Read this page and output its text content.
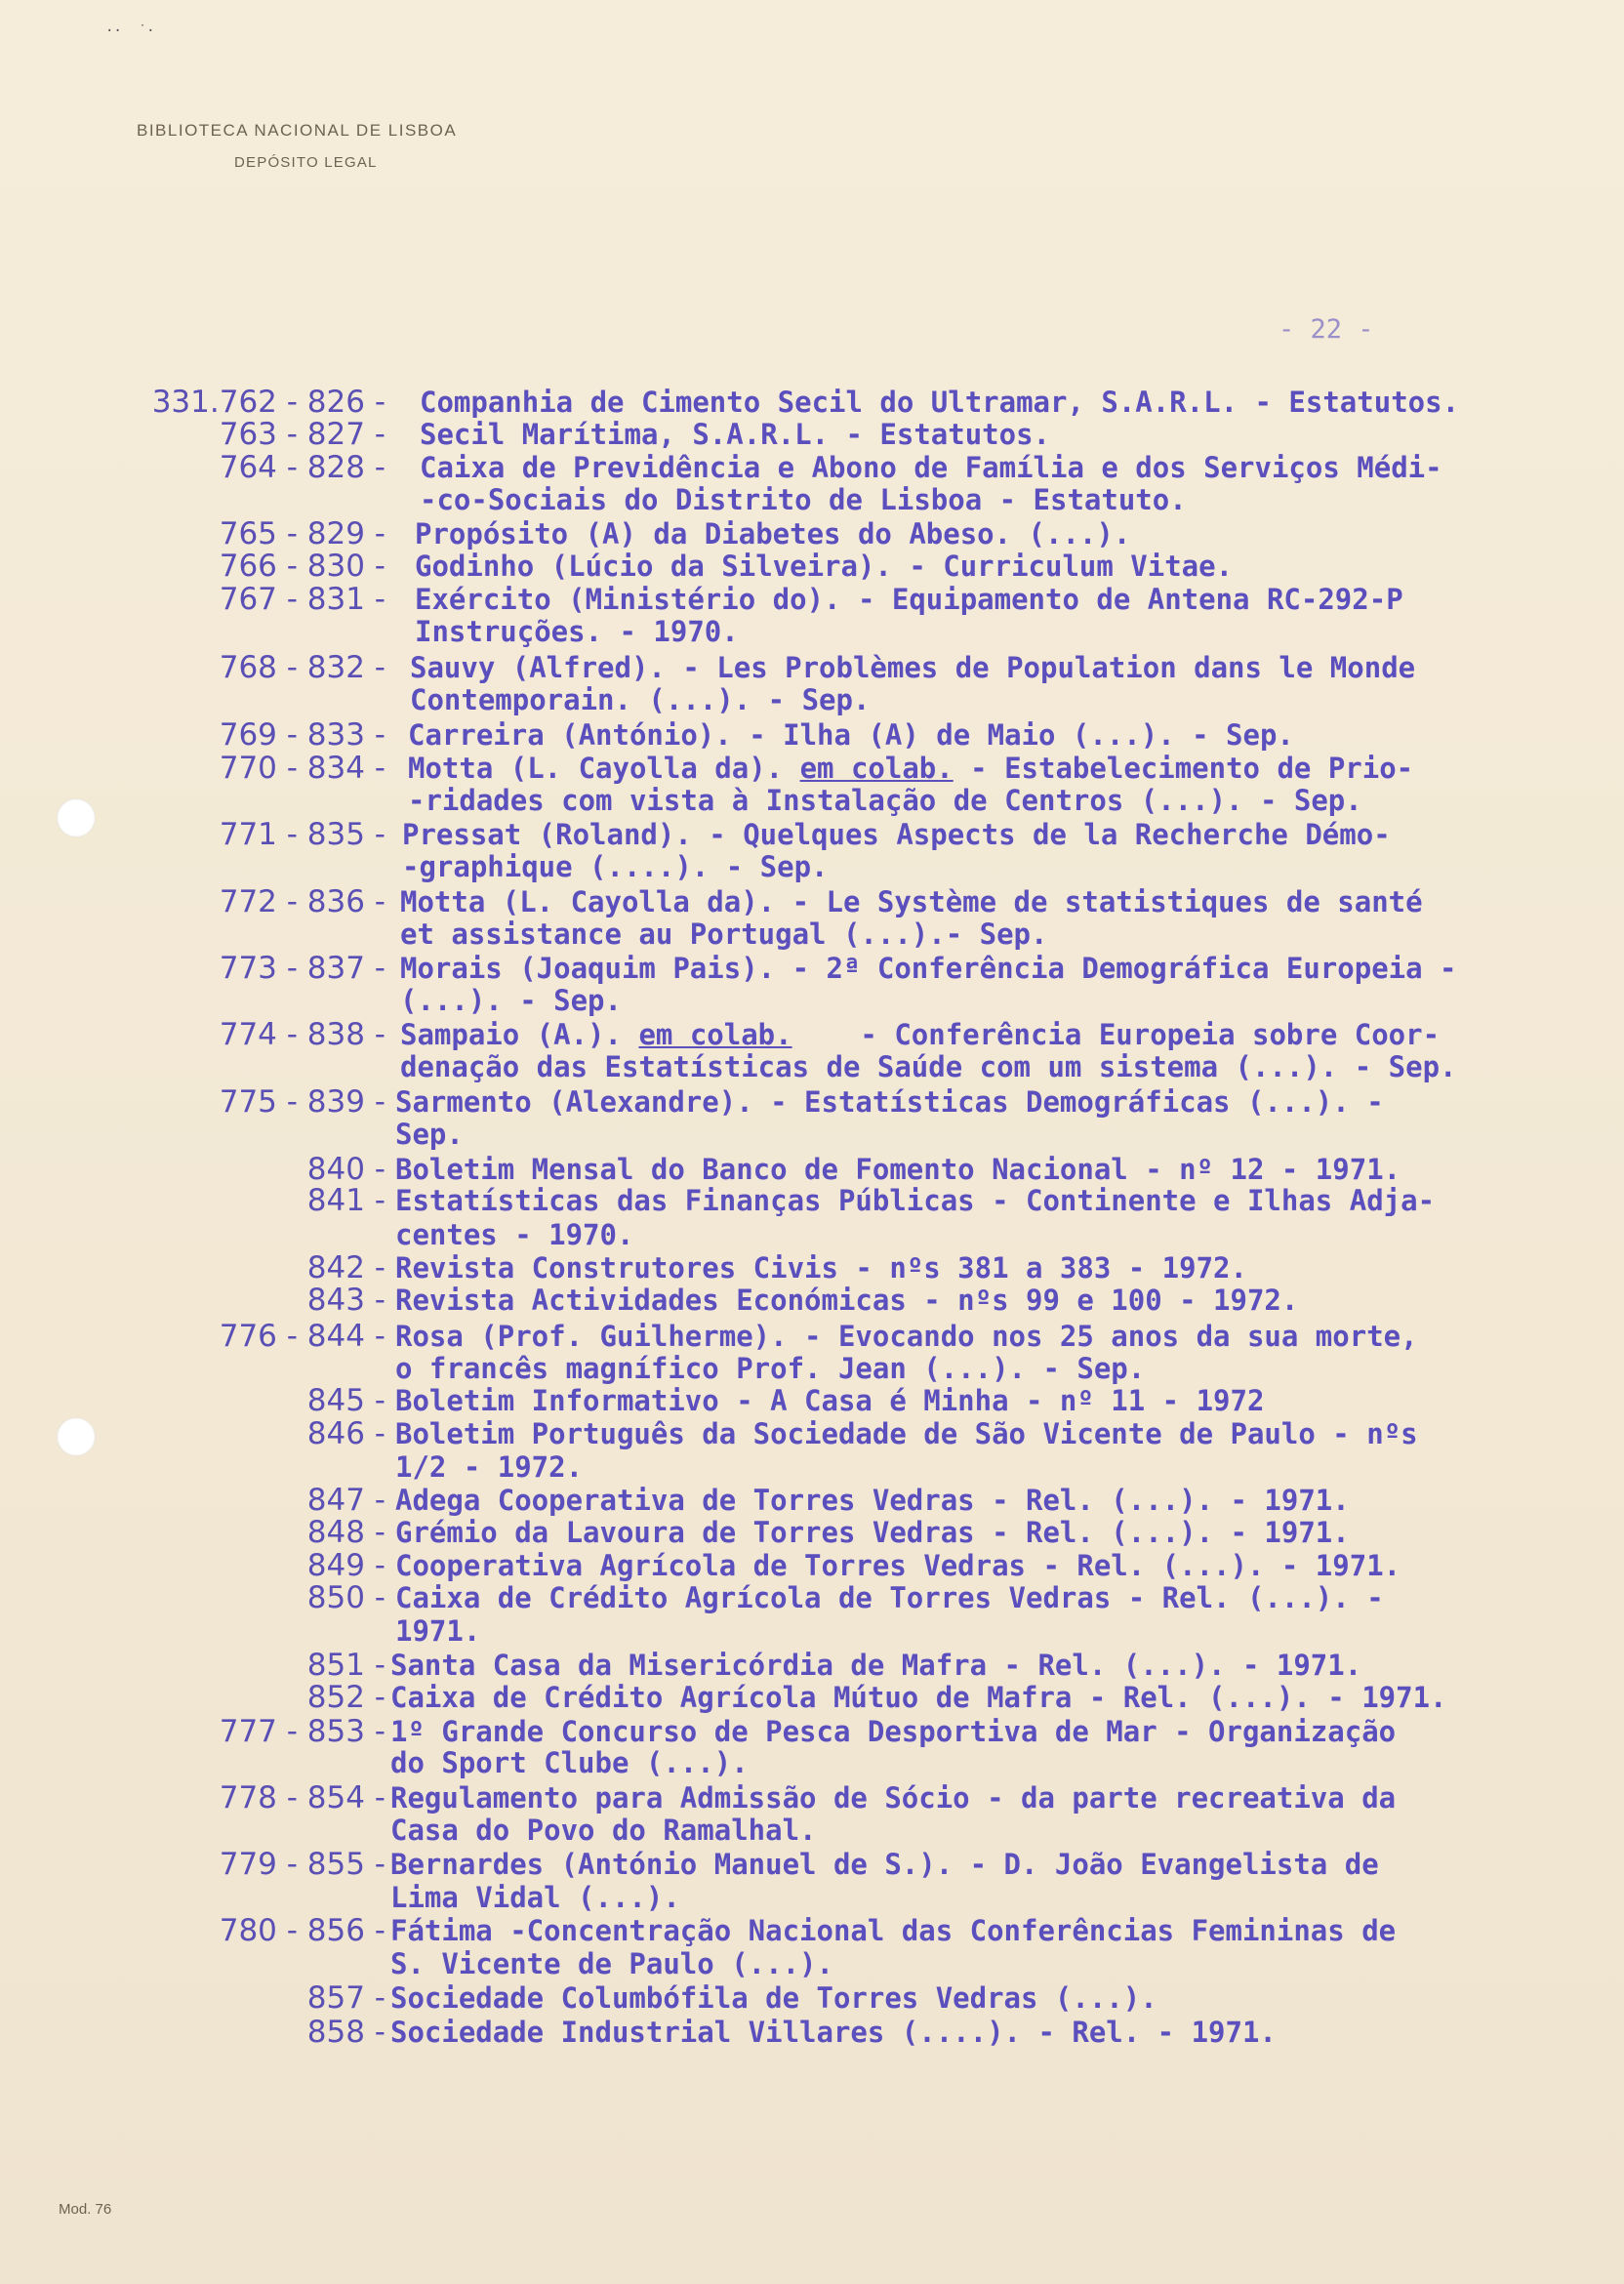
··  ˙·
BIBLIOTECA NACIONAL DE LISBOA
DEPÓSITO LEGAL
- 22 -
331.762 - 826 - Companhia de Cimento Secil do Ultramar, S.A.R.L. - Estatutos.
763 - 827 - Secil Marítima, S.A.R.L. - Estatutos.
764 - 828 - Caixa de Previdência e Abono de Família e dos Serviços Médi-
-co-Sociais do Distrito de Lisboa - Estatuto.
765 - 829 - Propósito (A) da Diabetes do Abeso. (...).
766 - 830 - Godinho (Lúcio da Silveira). - Curriculum Vitae.
767 - 831 - Exército (Ministério do). - Equipamento de Antena RC-292-P
Instruções. - 1970.
768 - 832 - Sauvy (Alfred). - Les Problèmes de Population dans le Monde
Contemporain. (...). - Sep.
769 - 833 - Carreira (António). - Ilha (A) de Maio (...). - Sep.
770 - 834 - Motta (L. Cayolla da). em colab. - Estabelecimento de Prio-
-ridades com vista à Instalação de Centros (...). - Sep.
771 - 835 - Pressat (Roland). - Quelques Aspects de la Recherche Démo-
-graphique (....). - Sep.
772 - 836 - Motta (L. Cayolla da). - Le Système de statistiques de santé
et assistance au Portugal (...).- Sep.
773 - 837 - Morais (Joaquim Pais). - 2ª Conferência Demográfica Europeia -
(...). - Sep.
774 - 838 - Sampaio (A.). em colab.    - Conferência Europeia sobre Coor-
denação das Estatísticas de Saúde com um sistema (...). - Sep.
775 - 839 - Sarmento (Alexandre). - Estatísticas Demográficas (...). -
Sep.
840 - Boletim Mensal do Banco de Fomento Nacional - nº 12 - 1971.
841 - Estatísticas das Finanças Públicas - Continente e Ilhas Adja-
centes - 1970.
842 - Revista Construtores Civis - nºs 381 a 383 - 1972.
843 - Revista Actividades Económicas - nºs 99 e 100 - 1972.
776 - 844 - Rosa (Prof. Guilherme). - Evocando nos 25 anos da sua morte,
o francês magnífico Prof. Jean (...). - Sep.
845 - Boletim Informativo - A Casa é Minha - nº 11 - 1972
846 - Boletim Português da Sociedade de São Vicente de Paulo - nºs
1/2 - 1972.
847 - Adega Cooperativa de Torres Vedras - Rel. (...). - 1971.
848 - Grémio da Lavoura de Torres Vedras - Rel. (...). - 1971.
849 - Cooperativa Agrícola de Torres Vedras - Rel. (...). - 1971.
850 - Caixa de Crédito Agrícola de Torres Vedras - Rel. (...). -
1971.
851 - Santa Casa da Misericórdia de Mafra - Rel. (...). - 1971.
852 - Caixa de Crédito Agrícola Mútuo de Mafra - Rel. (...). - 1971.
777 - 853 - 1º Grande Concurso de Pesca Desportiva de Mar - Organização
do Sport Clube (...).
778 - 854 - Regulamento para Admissão de Sócio - da parte recreativa da
Casa do Povo do Ramalhal.
779 - 855 - Bernardes (António Manuel de S.). - D. João Evangelista de
Lima Vidal (...).
780 - 856 - Fátima -Concentração Nacional das Conferências Femininas de
S. Vicente de Paulo (...).
857 - Sociedade Columbófila de Torres Vedras (...).
858 - Sociedade Industrial Villares (....). - Rel. - 1971.
Mod. 76
